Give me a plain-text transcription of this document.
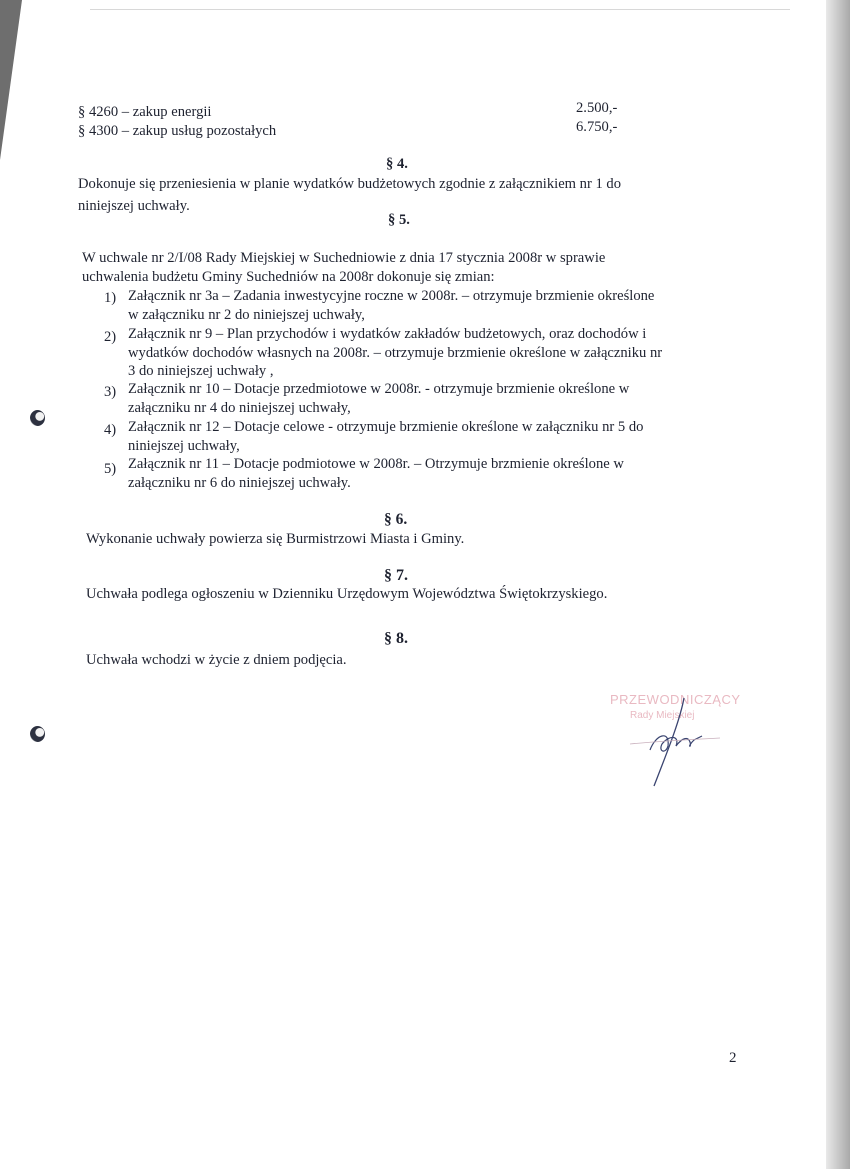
§ 4260 – zakup energii	2.500,-
§ 4300 – zakup usług pozostałych	6.750,-
§ 4.
Dokonuje się przeniesienia w planie wydatków budżetowych zgodnie z załącznikiem nr 1 do
niniejszej uchwały.
§ 5.
W uchwale nr 2/I/08 Rady Miejskiej w Suchedniowie z dnia 17 stycznia 2008r w sprawie
uchwalenia budżetu Gminy Suchedniów na 2008r dokonuje się zmian:
1) Załącznik nr 3a – Zadania inwestycyjne roczne w 2008r. – otrzymuje brzmienie określone
w załączniku nr 2 do niniejszej uchwały,
2) Załącznik nr 9 – Plan przychodów i wydatków zakładów budżetowych, oraz dochodów i
wydatków dochodów własnych na 2008r. – otrzymuje brzmienie określone w załączniku nr
3 do niniejszej uchwały ,
3) Załącznik nr 10 – Dotacje przedmiotowe w 2008r. - otrzymuje brzmienie określone w
załączniku nr 4 do niniejszej uchwały,
4) Załącznik nr 12 – Dotacje celowe - otrzymuje brzmienie określone w załączniku nr 5 do
niniejszej uchwały,
5) Załącznik nr 11 – Dotacje podmiotowe w 2008r. – Otrzymuje brzmienie określone w
załączniku nr 6 do niniejszej uchwały.
§ 6.
Wykonanie uchwały powierza się Burmistrzowi Miasta i Gminy.
§ 7.
Uchwała podlega ogłoszeniu w Dzienniku Urzędowym Województwa Świętokrzyskiego.
§ 8.
Uchwała wchodzi w życie z dniem podjęcia.
PRZEWODNICZĄCY
Rady Miejskiej
2
